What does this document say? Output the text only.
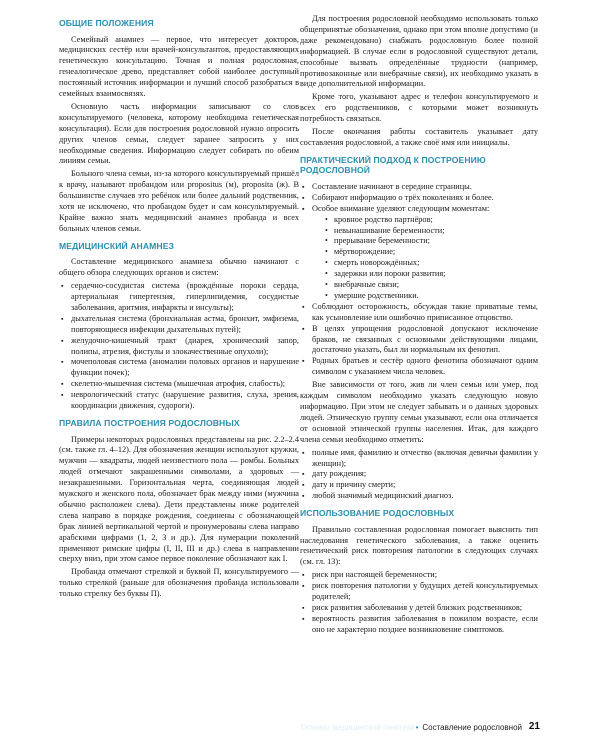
ОБЩИЕ ПОЛОЖЕНИЯ

Семейный анамнез — первое, что интересует докторов, медицинских сестёр или врачей-консультантов, предоставляющих генетическую консультацию. Точная и полная родословная, генеалогическое древо, представляет собой наиболее доступный постоянный источник информации и лучший способ разобраться в семейных взаимосвязях.

Основную часть информации записывают со слов консультируемого (человека, которому необходима генетическая консультация). Если для построения родословной нужно опросить других членов семьи, следует заранее запросить у них необходимые сведения. Информацию следует собирать по обеим линиям семьи.

Больного члена семьи, из-за которого консультируемый пришёл к врачу, называют пробандом или propositus (м), proposita (ж). В большинстве случаев это ребёнок или более дальний родственник, хотя не исключено, что пробандом будет и сам консультируемый. Крайне важно знать медицинский анамнез пробанда и всех больных членов семьи.

МЕДИЦИНСКИЙ АНАМНЕЗ

Составление медицинского анамнеза обычно начинают с общего обзора следующих органов и систем:

▪ сердечно-сосудистая система (врождённые пороки сердца, артериальная гипертензия, гиперлипидемия, сосудистые заболевания, аритмия, инфаркты и инсульты);
▪ дыхательная система (бронхиальная астма, бронхит, эмфизема, повторяющиеся инфекции дыхательных путей);
▪ желудочно-кишечный тракт (диарея, хронический запор, полипы, атрезия, фистулы и злокачественные опухоли);
▪ мочеполовая система (аномалии половых органов и нарушение функции почек);
▪ скелетно-мышечная система (мышечная атрофия, слабость);
▪ неврологический статус (нарушение развития, слуха, зрения, координации движения, судороги).
ПРАВИЛА ПОСТРОЕНИЯ РОДОСЛОВНЫХ

Примеры некоторых родословных представлены на рис. 2.2–2.4 (см. также гл. 4–12). Для обозначения женщин используют кружки, мужчин — квадраты, людей неизвестного пола — ромбы. Больных людей отмечают закрашенными символами, а здоровых — незакрашенными. Горизонтальная черта, соединяющая людей мужского и женского пола, обозначает брак между ними (мужчина обычно расположен слева). Дети представлены ниже родителей слева направо в порядке рождения, соединены с обозначающей брак линией вертикальной чертой и пронумерованы слева направо арабскими цифрами (1, 2, 3 и др.). Для нумерации поколений применяют римские цифры (I, II, III и др.) слева в направлении сверху вниз, при этом самое первое поколение обозначают как I.

Пробанда отмечают стрелкой и буквой П, консультируемого — только стрелкой (раньше для обозначения пробанда использовали только стрелку без буквы П).

Для построения родословной необходимо использовать только общепринятые обозначения, однако при этом вполне допустимо (и даже рекомендовано) снабжать родословную более полной информацией. В случае если в родословной существуют детали, способные вызвать определённые трудности (например, противозаконные или внебрачные связи), их необходимо указать в виде дополнительной информации.

Кроме того, указывают адрес и телефон консультируемого и всех его родственников, с которыми может возникнуть потребность связаться.

После окончания работы составитель указывает дату составления родословной, а также своё имя или инициалы.

ПРАКТИЧЕСКИЙ ПОДХОД К ПОСТРОЕНИЮ РОДОСЛОВНОЙ
▪ Составление начинают в середине страницы.
▪ Собирают информацию о трёх поколениях и более.
▪ Особое внимание уделяют следующим моментам:
• кровное родство партнёров;
• невынашивание беременности;
• прерывание беременности;
• мёртворождение;
• смерть новорождённых;
• задержки или пороки развития;
• внебрачные связи;
• умершие родственники.
▪ Соблюдают осторожность, обсуждая такие приватные темы, как усыновление или ошибочно приписанное отцовство.
▪ В целях упрощения родословной допускают исключение браков, не связанных с основными действующими лицами, достаточно указать, был ли нормальным их фенотип.
▪ Родных братьев и сестёр одного фенотипа обозначают одним символом с указанием числа человек.

Вне зависимости от того, жив ли член семьи или умер, под каждым символом необходимо указать следующую новую информацию. При этом не следует забывать и о данных здоровых людей. Этническую группу семьи указывают, если она отличается от основной этнической группы населения. Итак, для каждого члена семьи необходимо отметить:

▪ полные имя, фамилию и отчество (включая девичьи фамилии у женщин);
▪ дату рождения;
▪ дату и причину смерти;
▪ любой значимый медицинский диагноз.
ИСПОЛЬЗОВАНИЕ РОДОСЛОВНЫХ

Правильно составленная родословная помогает выяснить тип наследования генетического заболевания, а также оценить генетический риск повторения патологии в следующих случаях (см. гл. 13):

▪ риск при настоящей беременности;
▪ риск повторения патологии у будущих детей консультируемых родителей;
▪ риск развития заболевания у детей близких родственников;
▪ вероятность развития заболевания в пожилом возрасте, если оно не характерно позднее возникновение симптомов.
Основы медицинской генетики • Составление родословной 21
